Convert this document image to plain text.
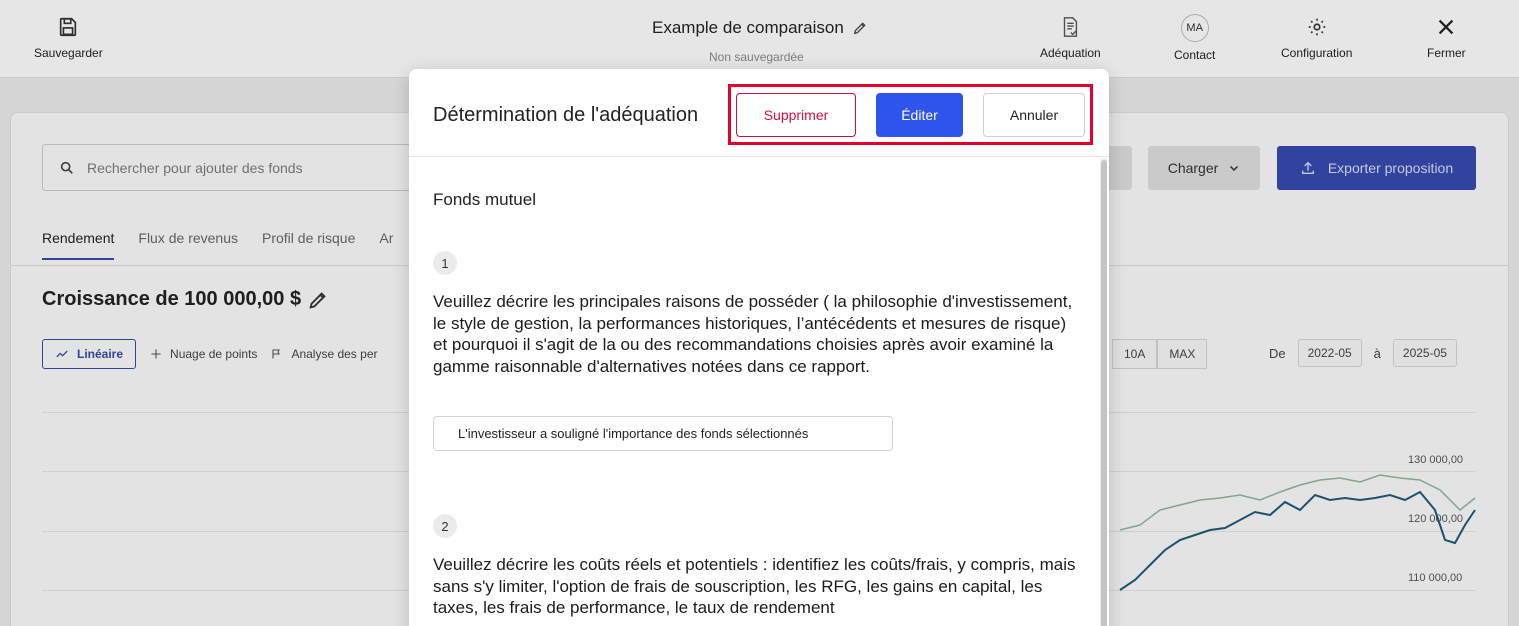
Sauvegarder
Example de comparaison
Non sauvegardée	Adéquation
MA
Contact	Configuration	Fermer
Rechercher pour ajouter des fonds	Charger	Exporter proposition
Rendement Flux de revenus Profil de risque Ar
Croissance de 100 000,00 $
Linéaire	Nuage de points	Analyse des per	10A	MAX	De	2022-05	à	2025-05
130 000,00
120 000,00
110 000,00
Détermination de l'adéquation	Supprimer	Éditer	Annuler
Fonds mutuel
1
Veuillez décrire les principales raisons de posséder ( la philosophie d'investissement, le style de gestion, la performances historiques, l’antécédents et mesures de risque) et pourquoi il s'agit de la ou des recommandations choisies après avoir examiné la gamme raisonnable d'alternatives notées dans ce rapport.
L'investisseur a souligné l'importance des fonds sélectionnés
2
Veuillez décrire les coûts réels et potentiels : identifiez les coûts/frais, y compris, mais sans s'y limiter, l'option de frais de souscription, les RFG, les gains en capital, les taxes, les frais de performance, le taux de rendement
